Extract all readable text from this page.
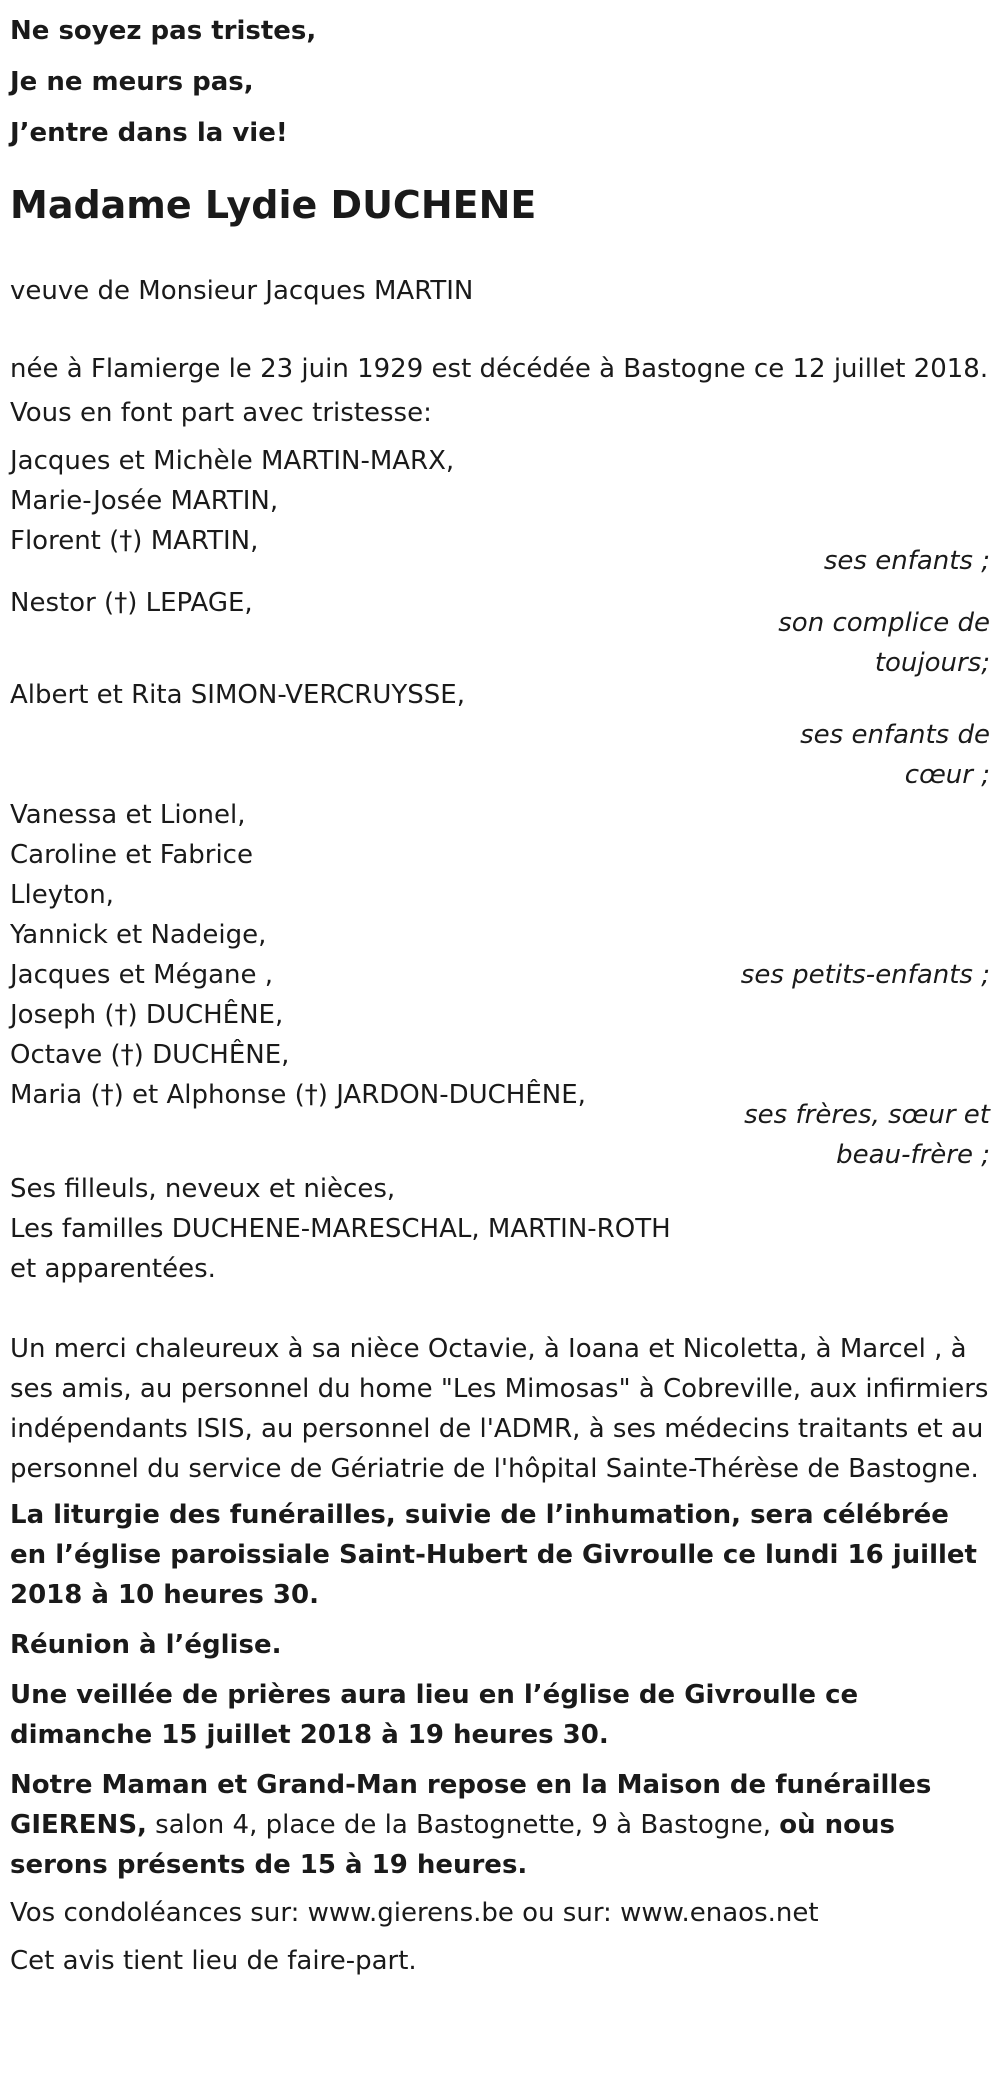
Ne soyez pas tristes,

Je ne meurs pas,

J’entre dans la vie!

Madame Lydie DUCHENE

veuve de Monsieur Jacques MARTIN

née à Flamierge le 23 juin 1929 est décédée à Bastogne ce 12 juillet 2018.

Vous en font part avec tristesse:

Jacques et Michèle MARTIN-MARX,

Marie-Josée MARTIN,

Florent (†) MARTIN,

ses enfants ;

Nestor (†) LEPAGE,

son complice de toujours;

Albert et Rita SIMON-VERCRUYSSE,

ses enfants de cœur ;

Vanessa et Lionel,

Caroline et Fabrice

Lleyton,

Yannick et Nadeige,

Jacques et Mégane ,	ses petits-enfants ;

Joseph (†) DUCHÊNE,

Octave (†) DUCHÊNE,

Maria (†) et Alphonse (†) JARDON-DUCHÊNE,

ses frères, sœur et beau-frère ;

Ses filleuls, neveux et nièces,

Les familles DUCHENE-MARESCHAL, MARTIN-ROTH

et apparentées.

Un merci chaleureux à sa nièce Octavie, à Ioana et Nicoletta, à Marcel , à ses amis, au personnel du home "Les Mimosas" à Cobreville, aux infirmiers indépendants ISIS, au personnel de l'ADMR, à ses médecins traitants et au personnel du service de Gériatrie de l'hôpital Sainte-Thérèse de Bastogne.

La liturgie des funérailles, suivie de l’inhumation, sera célébrée en l’église paroissiale Saint-Hubert de Givroulle ce lundi 16 juillet 2018 à 10 heures 30.

Réunion à l’église.

Une veillée de prières aura lieu en l’église de Givroulle ce dimanche 15 juillet 2018 à 19 heures 30.

Notre Maman et Grand-Man repose en la Maison de funérailles GIERENS, salon 4, place de la Bastognette, 9 à Bastogne, où nous serons présents de 15 à 19 heures.

Vos condoléances sur: www.gierens.be ou sur: www.enaos.net

Cet avis tient lieu de faire-part.
